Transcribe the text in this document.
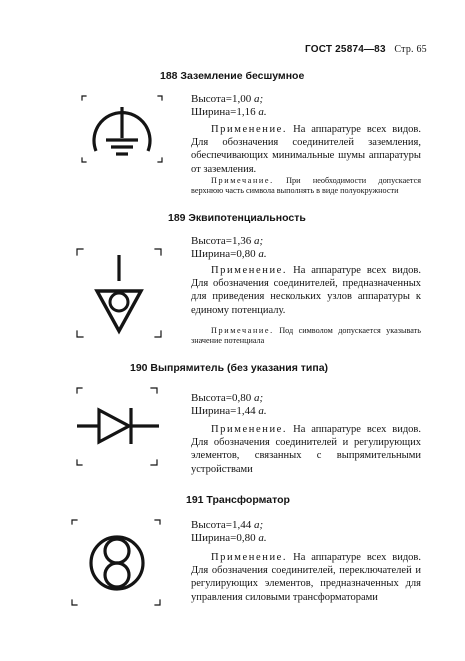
ГОСТ 25874—83 Стр. 65
188 Заземление бесшумное
Высота=1,00 a;
Ширина=1,16 a.
Применение. На аппаратуре всех видов. Для обозначения соединителей заземления, обеспечивающих минимальные шумы аппаратуры от заземления.
Примечание. При необходимости допускается верхнюю часть символа выполнять в виде полуокружности
189 Эквипотенциальность
Высота=1,36 a;
Ширина=0,80 a.
Применение. На аппаратуре всех видов. Для обозначения соединителей, предназначенных для приведения нескольких узлов аппаратуры к единому потенциалу.
Примечание. Под символом допускается указывать значение потенциала
190 Выпрямитель (без указания типа)
Высота=0,80 a;
Ширина=1,44 a.
Применение. На аппаратуре всех видов. Для обозначения соединителей и регулирующих элементов, связанных с выпрямительными устройствами
191 Трансформатор
Высота=1,44 a;
Ширина=0,80 a.
Применение. На аппаратуре всех видов. Для обозначения соединителей, переключателей и регулирующих элементов, предназначенных для управления силовыми трансформаторами
